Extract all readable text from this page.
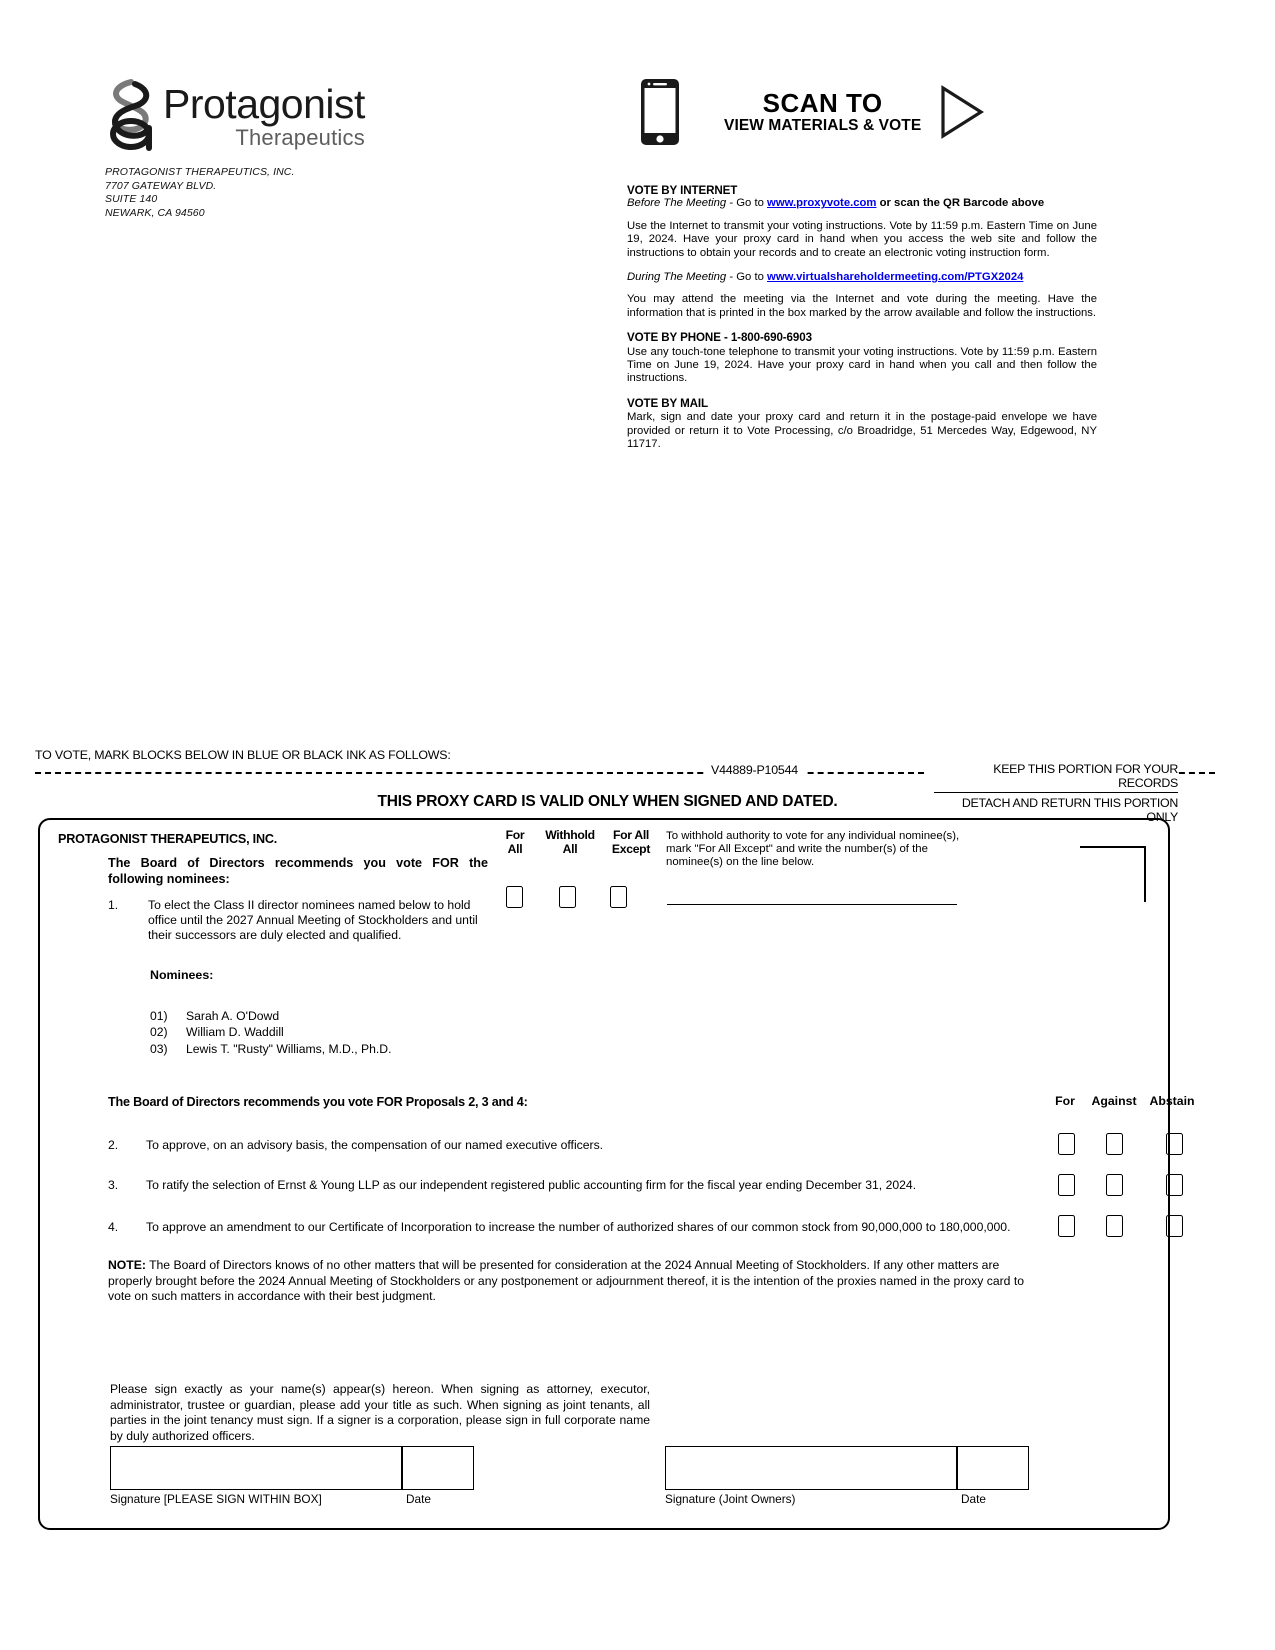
Protagonist
Therapeutics
PROTAGONIST THERAPEUTICS, INC.
7707 GATEWAY BLVD.
SUITE 140
NEWARK, CA 94560
SCAN TO
VIEW MATERIALS & VOTE
VOTE BY INTERNET
Before The Meeting - Go to www.proxyvote.com or scan the QR Barcode above
Use the Internet to transmit your voting instructions. Vote by 11:59 p.m. Eastern Time on June 19, 2024. Have your proxy card in hand when you access the web site and follow the instructions to obtain your records and to create an electronic voting instruction form.
During The Meeting - Go to www.virtualshareholdermeeting.com/PTGX2024
You may attend the meeting via the Internet and vote during the meeting. Have the information that is printed in the box marked by the arrow available and follow the instructions.
VOTE BY PHONE - 1-800-690-6903
Use any touch-tone telephone to transmit your voting instructions. Vote by 11:59 p.m. Eastern Time on June 19, 2024. Have your proxy card in hand when you call and then follow the instructions.
VOTE BY MAIL
Mark, sign and date your proxy card and return it in the postage-paid envelope we have provided or return it to Vote Processing, c/o Broadridge, 51 Mercedes Way, Edgewood, NY 11717.
TO VOTE, MARK BLOCKS BELOW IN BLUE OR BLACK INK AS FOLLOWS:
V44889-P10544	KEEP THIS PORTION FOR YOUR RECORDS
DETACH AND RETURN THIS PORTION ONLY
THIS PROXY CARD IS VALID ONLY WHEN SIGNED AND DATED.
PROTAGONIST THERAPEUTICS, INC.	For
All
Withhold
All
For All
Except
To withhold authority to vote for any individual nominee(s), mark "For All Except" and write the number(s) of the nominee(s) on the line below.
The Board of Directors recommends you vote FOR the following nominees:
1. To elect the Class II director nominees named below to hold office until the 2027 Annual Meeting of Stockholders and until their successors are duly elected and qualified.
Nominees:
01) Sarah A. O'Dowd
02) William D. Waddill
03) Lewis T. "Rusty" Williams, M.D., Ph.D.
The Board of Directors recommends you vote FOR Proposals 2, 3 and 4:	For	Against	Abstain
2. To approve, on an advisory basis, the compensation of our named executive officers.
3. To ratify the selection of Ernst & Young LLP as our independent registered public accounting firm for the fiscal year ending December 31, 2024.
4. To approve an amendment to our Certificate of Incorporation to increase the number of authorized shares of our common stock from 90,000,000 to 180,000,000.
NOTE: The Board of Directors knows of no other matters that will be presented for consideration at the 2024 Annual Meeting of Stockholders. If any other matters are properly brought before the 2024 Annual Meeting of Stockholders or any postponement or adjournment thereof, it is the intention of the proxies named in the proxy card to vote on such matters in accordance with their best judgment.
Please sign exactly as your name(s) appear(s) hereon. When signing as attorney, executor, administrator, trustee or guardian, please add your title as such. When signing as joint tenants, all parties in the joint tenancy must sign. If a signer is a corporation, please sign in full corporate name by duly authorized officers.
Signature [PLEASE SIGN WITHIN BOX]	Date	Signature (Joint Owners)	Date
